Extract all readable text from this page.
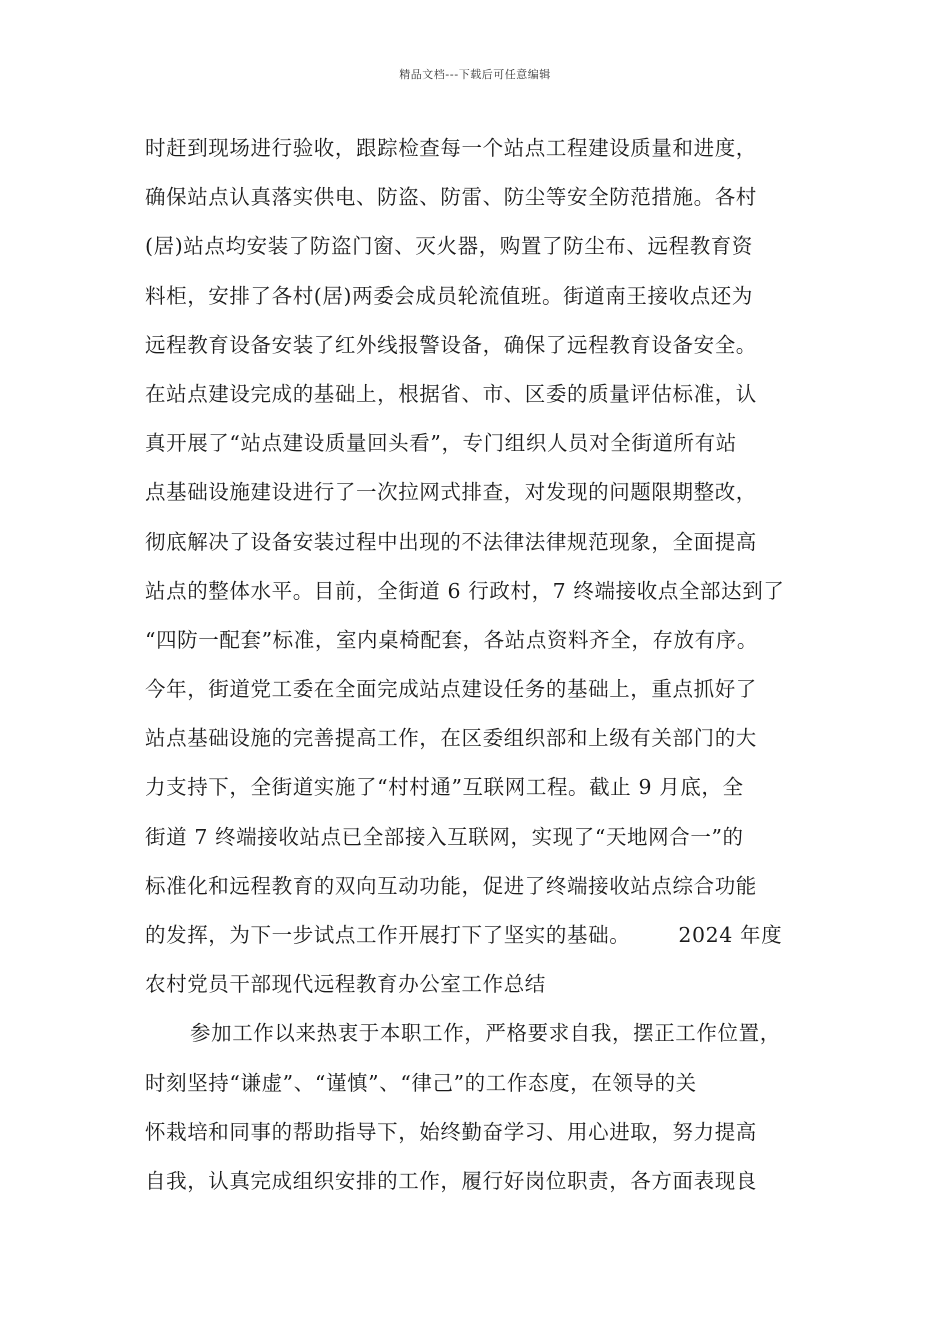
精品文档---下载后可任意编辑
时赶到现场进行验收，跟踪检查每一个站点工程建设质量和进度，
确保站点认真落实供电、防盗、防雷、防尘等安全防范措施。各村
(居)站点均安装了防盗门窗、灭火器，购置了防尘布、远程教育资
料柜，安排了各村(居)两委会成员轮流值班。街道南王接收点还为
远程教育设备安装了红外线报警设备，确保了远程教育设备安全。
在站点建设完成的基础上，根据省、市、区委的质量评估标准，认
真开展了“站点建设质量回头看”，专门组织人员对全街道所有站
点基础设施建设进行了一次拉网式排查，对发现的问题限期整改，
彻底解决了设备安装过程中出现的不法律法律规范现象，全面提高
站点的整体水平。目前，全街道 6 行政村，7 终端接收点全部达到了
“四防一配套”标准，室内桌椅配套，各站点资料齐全，存放有序。
今年，街道党工委在全面完成站点建设任务的基础上，重点抓好了
站点基础设施的完善提高工作，在区委组织部和上级有关部门的大
力支持下，全街道实施了“村村通”互联网工程。截止 9 月底，全
街道 7 终端接收站点已全部接入互联网，实现了“天地网合一”的
标准化和远程教育的双向互动功能，促进了终端接收站点综合功能
的发挥，为下一步试点工作开展打下了坚实的基础。 2024 年度
农村党员干部现代远程教育办公室工作总结
参加工作以来热衷于本职工作，严格要求自我，摆正工作位置，
时刻坚持“谦虚”、“谨慎”、“律己”的工作态度，在领导的关
怀栽培和同事的帮助指导下，始终勤奋学习、用心进取，努力提高
自我，认真完成组织安排的工作，履行好岗位职责，各方面表现良
